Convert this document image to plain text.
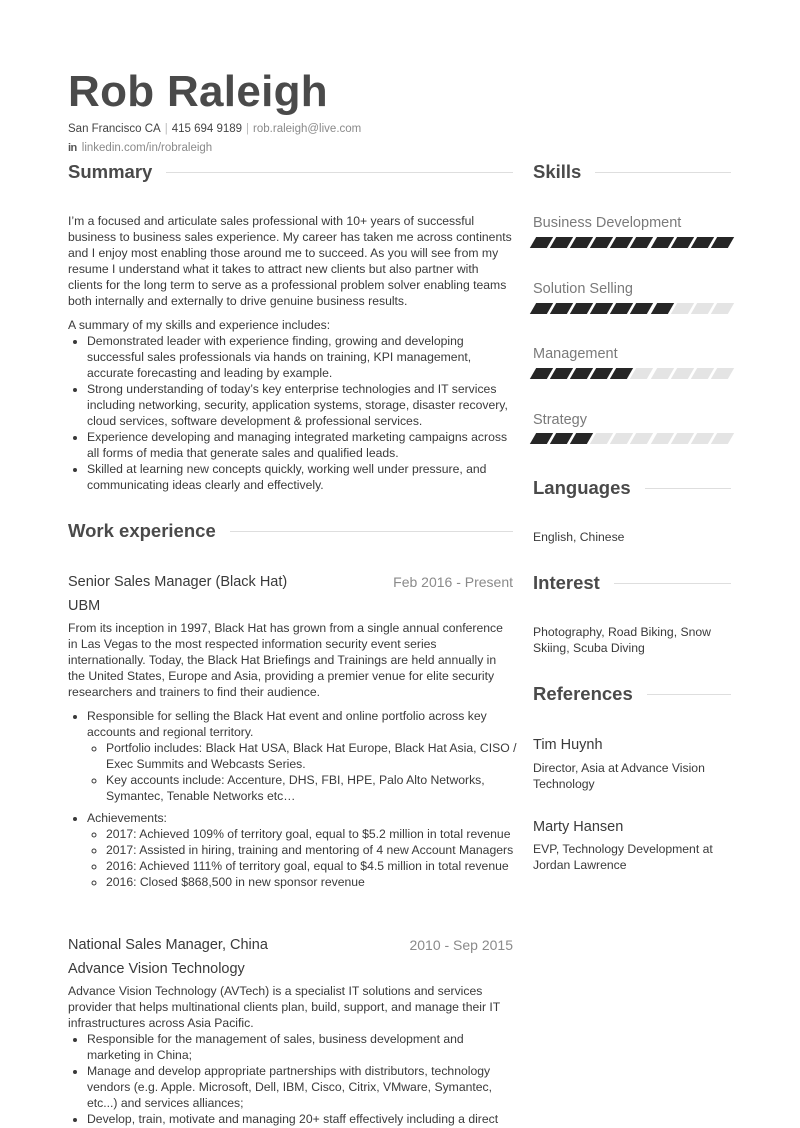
Rob Raleigh
San Francisco CA | 415 694 9189 | rob.raleigh@live.com
in linkedin.com/in/robraleigh
Summary

I’m a focused and articulate sales professional with 10+ years of successful business to business sales experience. My career has taken me across continents and I enjoy most enabling those around me to succeed. As you will see from my resume I understand what it takes to attract new clients but also partner with clients for the long term to serve as a professional problem solver enabling teams both internally and externally to drive genuine business results.

A summary of my skills and experience includes:

• Demonstrated leader with experience finding, growing and developing successful sales professionals via hands on training, KPI management, accurate forecasting and leading by example.
• Strong understanding of today’s key enterprise technologies and IT services including networking, security, application systems, storage, disaster recovery, cloud services, software development & professional services.
• Experience developing and managing integrated marketing campaigns across all forms of media that generate sales and qualified leads.
• Skilled at learning new concepts quickly, working well under pressure, and communicating ideas clearly and effectively.
Work experience
Senior Sales Manager (Black Hat)	Feb 2016 - Present
UBM

From its inception in 1997, Black Hat has grown from a single annual conference in Las Vegas to the most respected information security event series internationally. Today, the Black Hat Briefings and Trainings are held annually in the United States, Europe and Asia, providing a premier venue for elite security researchers and trainers to find their audience.

• Responsible for selling the Black Hat event and online portfolio across key accounts and regional territory.
◦ Portfolio includes: Black Hat USA, Black Hat Europe, Black Hat Asia, CISO / Exec Summits and Webcasts Series.
◦ Key accounts include: Accenture, DHS, FBI, HPE, Palo Alto Networks, Symantec, Tenable Networks etc…
• Achievements:
◦ 2017: Achieved 109% of territory goal, equal to $5.2 million in total revenue
◦ 2017: Assisted in hiring, training and mentoring of 4 new Account Managers
◦ 2016: Achieved 111% of territory goal, equal to $4.5 million in total revenue
◦ 2016: Closed $868,500 in new sponsor revenue
National Sales Manager, China	2010 - Sep 2015
Advance Vision Technology

Advance Vision Technology (AVTech) is a specialist IT solutions and services provider that helps multinational clients plan, build, support, and manage their IT infrastructures across Asia Pacific.

• Responsible for the management of sales, business development and marketing in China;
• Manage and develop appropriate partnerships with distributors, technology vendors (e.g. Apple. Microsoft, Dell, IBM, Cisco, Citrix, VMware, Symantec, etc...) and services alliances;
• Develop, train, motivate and managing 20+ staff effectively including a direct
Skills
Business Development
Solution Selling
Management
Strategy
Languages
English, Chinese
Interest
Photography, Road Biking, Snow Skiing, Scuba Diving
References
Tim Huynh
Director, Asia at Advance Vision Technology
Marty Hansen
EVP, Technology Development at Jordan Lawrence
